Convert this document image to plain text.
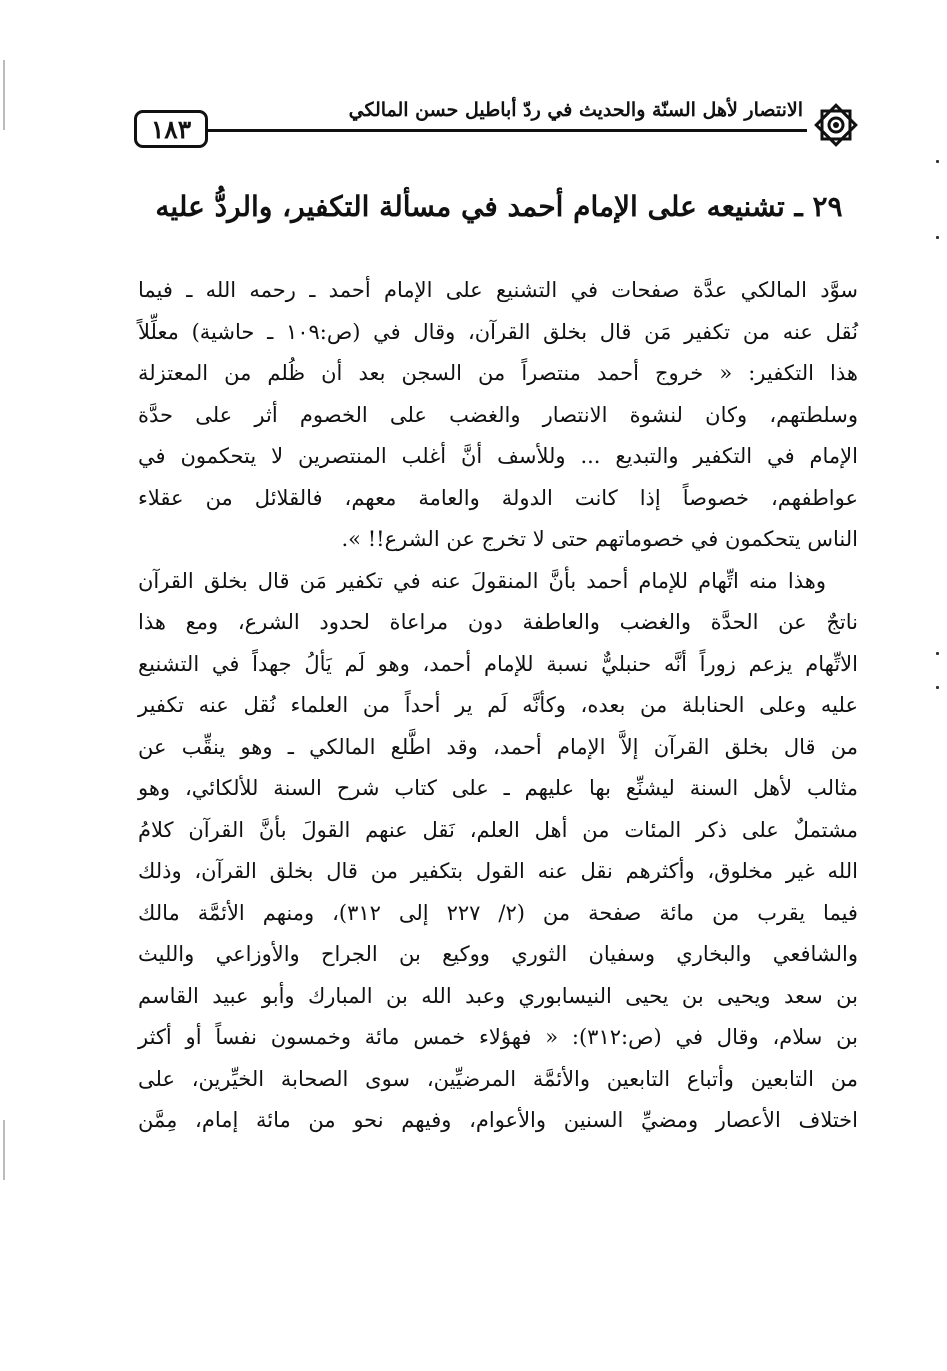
١٨٣
الانتصار لأهل السنّة والحديث في ردّ أباطيل حسن المالكي
٢٩ ـ تشنيعه على الإمام أحمد في مسألة التكفير، والردُّ عليه
سوَّد المالكي عدَّة صفحات في التشنيع على الإمام أحمد ـ رحمه الله ـ فيما
نُقل عنه من تكفير مَن قال بخلق القرآن، وقال في (ص:١٠٩ ـ حاشية) معلِّلاً
هذا التكفير: « خروج أحمد منتصراً من السجن بعد أن ظُلم من المعتزلة
وسلطتهم، وكان لنشوة الانتصار والغضب على الخصوم أثر على حدَّة
الإمام في التكفير والتبديع ... وللأسف أنَّ أغلب المنتصرين لا يتحكمون في
عواطفهم، خصوصاً إذا كانت الدولة والعامة معهم، فالقلائل من عقلاء
الناس يتحكمون في خصوماتهم حتى لا تخرج عن الشرع!! ».
وهذا منه اتِّهام للإمام أحمد بأنَّ المنقولَ عنه في تكفير مَن قال بخلق القرآن
ناتجٌ عن الحدَّة والغضب والعاطفة دون مراعاة لحدود الشرع، ومع هذا
الاتِّهام يزعم زوراً أنَّه حنبليٌّ نسبة للإمام أحمد، وهو لَم يَألُ جهداً في التشنيع
عليه وعلى الحنابلة من بعده، وكأنَّه لَم ير أحداً من العلماء نُقل عنه تكفير
من قال بخلق القرآن إلاَّ الإمام أحمد، وقد اطَّلع المالكي ـ وهو ينقِّب عن
مثالب لأهل السنة ليشنِّع بها عليهم ـ على كتاب شرح السنة للألكائي، وهو
مشتملٌ على ذكر المئات من أهل العلم، نَقل عنهم القولَ بأنَّ القرآن كلامُ
الله غير مخلوق، وأكثرهم نقل عنه القول بتكفير من قال بخلق القرآن، وذلك
فيما يقرب من مائة صفحة من (٢/ ٢٢٧ إلى ٣١٢)، ومنهم الأئمَّة مالك
والشافعي والبخاري وسفيان الثوري ووكيع بن الجراح والأوزاعي والليث
بن سعد ويحيى بن يحيى النيسابوري وعبد الله بن المبارك وأبو عبيد القاسم
بن سلام، وقال في (ص:٣١٢): « فهؤلاء خمس مائة وخمسون نفساً أو أكثر
من التابعين وأتباع التابعين والأئمَّة المرضيِّين، سوى الصحابة الخيِّرين، على
اختلاف الأعصار ومضيِّ السنين والأعوام، وفيهم نحو من مائة إمام، مِمَّن
